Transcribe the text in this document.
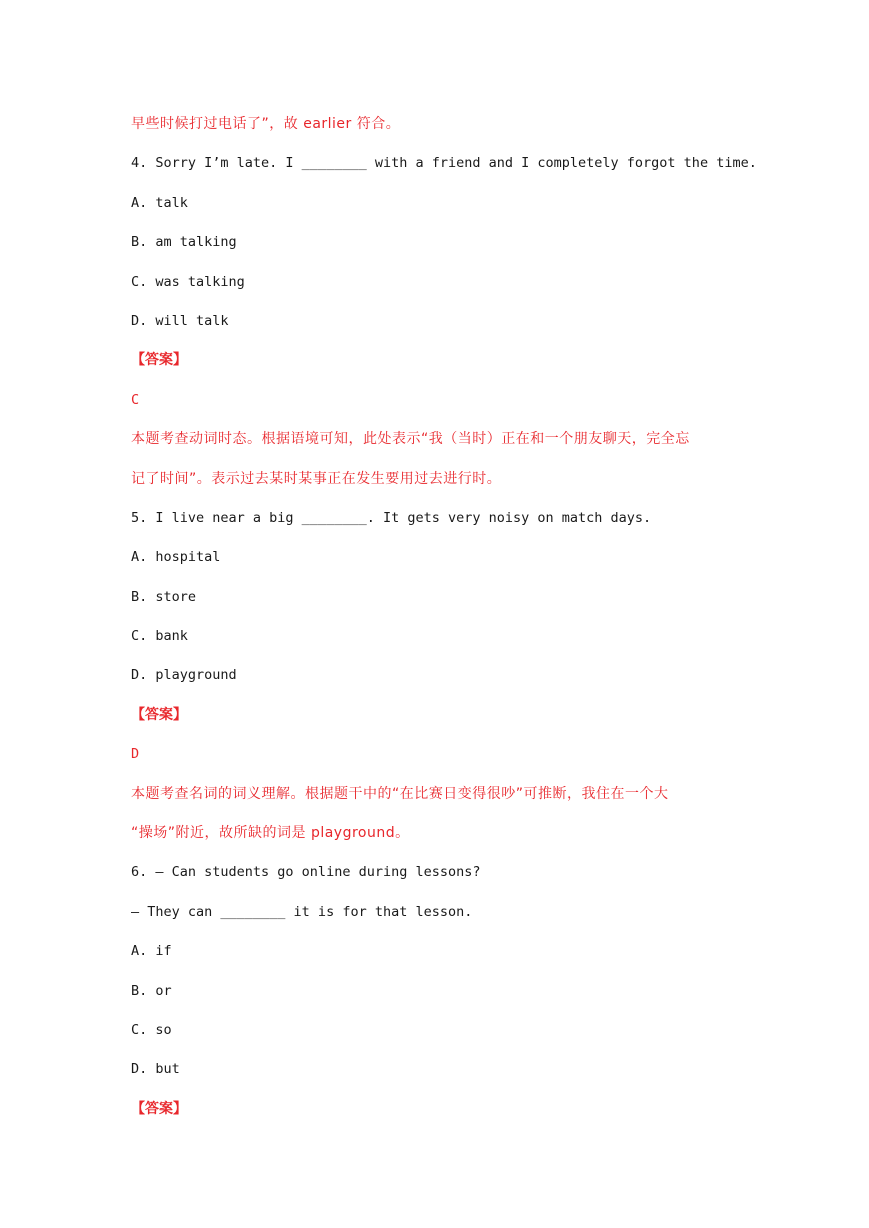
早些时候打过电话了”，故 earlier 符合。
4. Sorry I’m late. I ________ with a friend and I completely forgot the time.
A. talk
B. am talking
C. was talking
D. will talk
【答案】
C
本题考查动词时态。根据语境可知，此处表示“我（当时）正在和一个朋友聊天，完全忘
记了时间”。表示过去某时某事正在发生要用过去进行时。
5. I live near a big ________. It gets very noisy on match days.
A. hospital
B. store
C. bank
D. playground
【答案】
D
本题考查名词的词义理解。根据题干中的“在比赛日变得很吵”可推断，我住在一个大
“操场”附近，故所缺的词是 playground。
6. — Can students go online during lessons?
— They can ________ it is for that lesson.
A. if
B. or
C. so
D. but
【答案】
